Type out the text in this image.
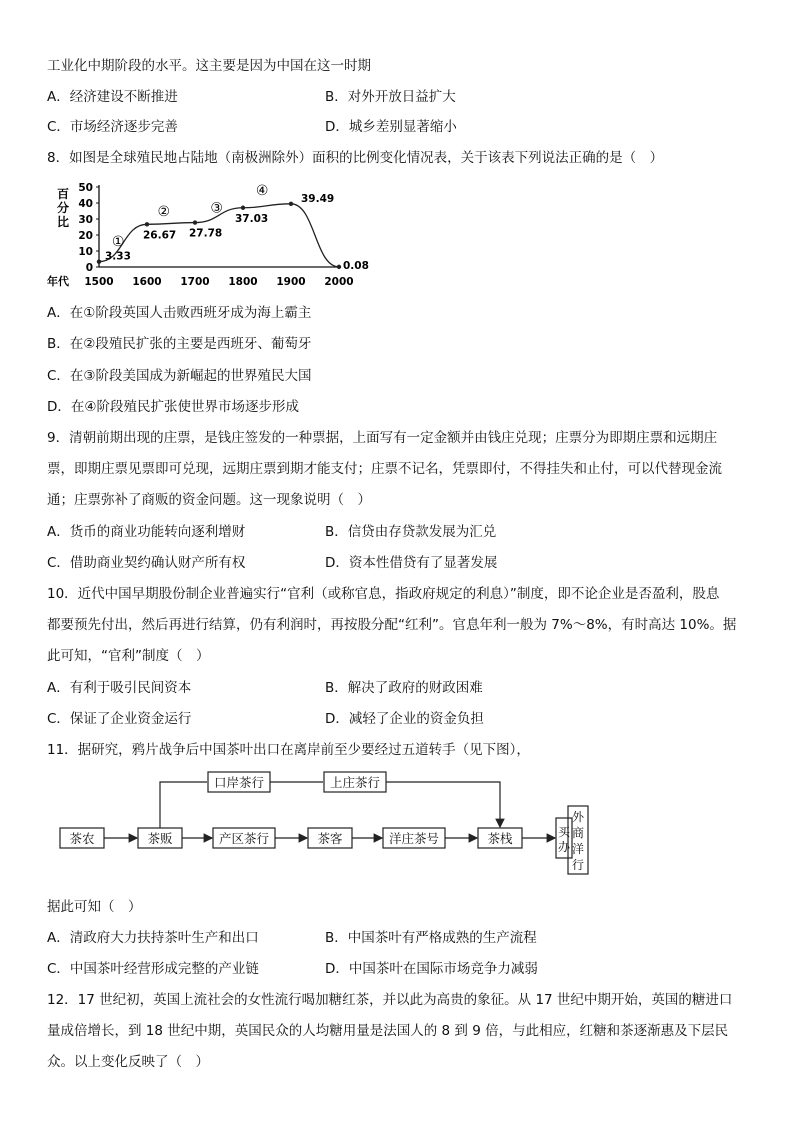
工业化中期阶段的水平。这主要是因为中国在这一时期
A．经济建设不断推进	B．对外开放日益扩大
C．市场经济逐步完善	D．城乡差别显著缩小
8．如图是全球殖民地占陆地（南极洲除外）面积的比例变化情况表，关于该表下列说法正确的是（　）
0
10
20
30
40
50
1500 1600 1700 1800 1900 2000
百
分
比
年代
3.33
26.67 27.78
37.03
39.49
0.08
①
②	③
④
A．在①阶段英国人击败西班牙成为海上霸主
B．在②段殖民扩张的主要是西班牙、葡萄牙
C．在③阶段美国成为新崛起的世界殖民大国
D．在④阶段殖民扩张使世界市场逐步形成
9．清朝前期出现的庄票，是钱庄签发的一种票据，上面写有一定金额并由钱庄兑现；庄票分为即期庄票和远期庄
票，即期庄票见票即可兑现，远期庄票到期才能支付；庄票不记名，凭票即付，不得挂失和止付，可以代替现金流
通；庄票弥补了商贩的资金问题。这一现象说明（　）
A．货币的商业功能转向逐利增财	B．信贷由存贷款发展为汇兑
C．借助商业契约确认财产所有权	D．资本性借贷有了显著发展
10．近代中国早期股份制企业普遍实行“官利（或称官息，指政府规定的利息）”制度，即不论企业是否盈利，股息
都要预先付出，然后再进行结算，仍有利润时，再按股分配“红利”。官息年利一般为 7%～8%，有时高达 10%。据
此可知，“官利”制度（　）
A．有利于吸引民间资本	B．解决了政府的财政困难
C．保证了企业资金运行	D．减轻了企业的资金负担
11．据研究，鸦片战争后中国茶叶出口在离岸前至少要经过五道转手（见下图），
茶农	茶贩	产区茶行	茶客	洋庄茶号	茶栈
口岸茶行	上庄茶行
买
办
外
商
洋
行
据此可知（　）
A．清政府大力扶持茶叶生产和出口	B．中国茶叶有严格成熟的生产流程
C．中国茶叶经营形成完整的产业链	D．中国茶叶在国际市场竞争力减弱
12．17 世纪初，英国上流社会的女性流行喝加糖红茶，并以此为高贵的象征。从 17 世纪中期开始，英国的糖进口
量成倍增长，到 18 世纪中期，英国民众的人均糖用量是法国人的 8 到 9 倍，与此相应，红糖和茶逐渐惠及下层民
众。以上变化反映了（　）
